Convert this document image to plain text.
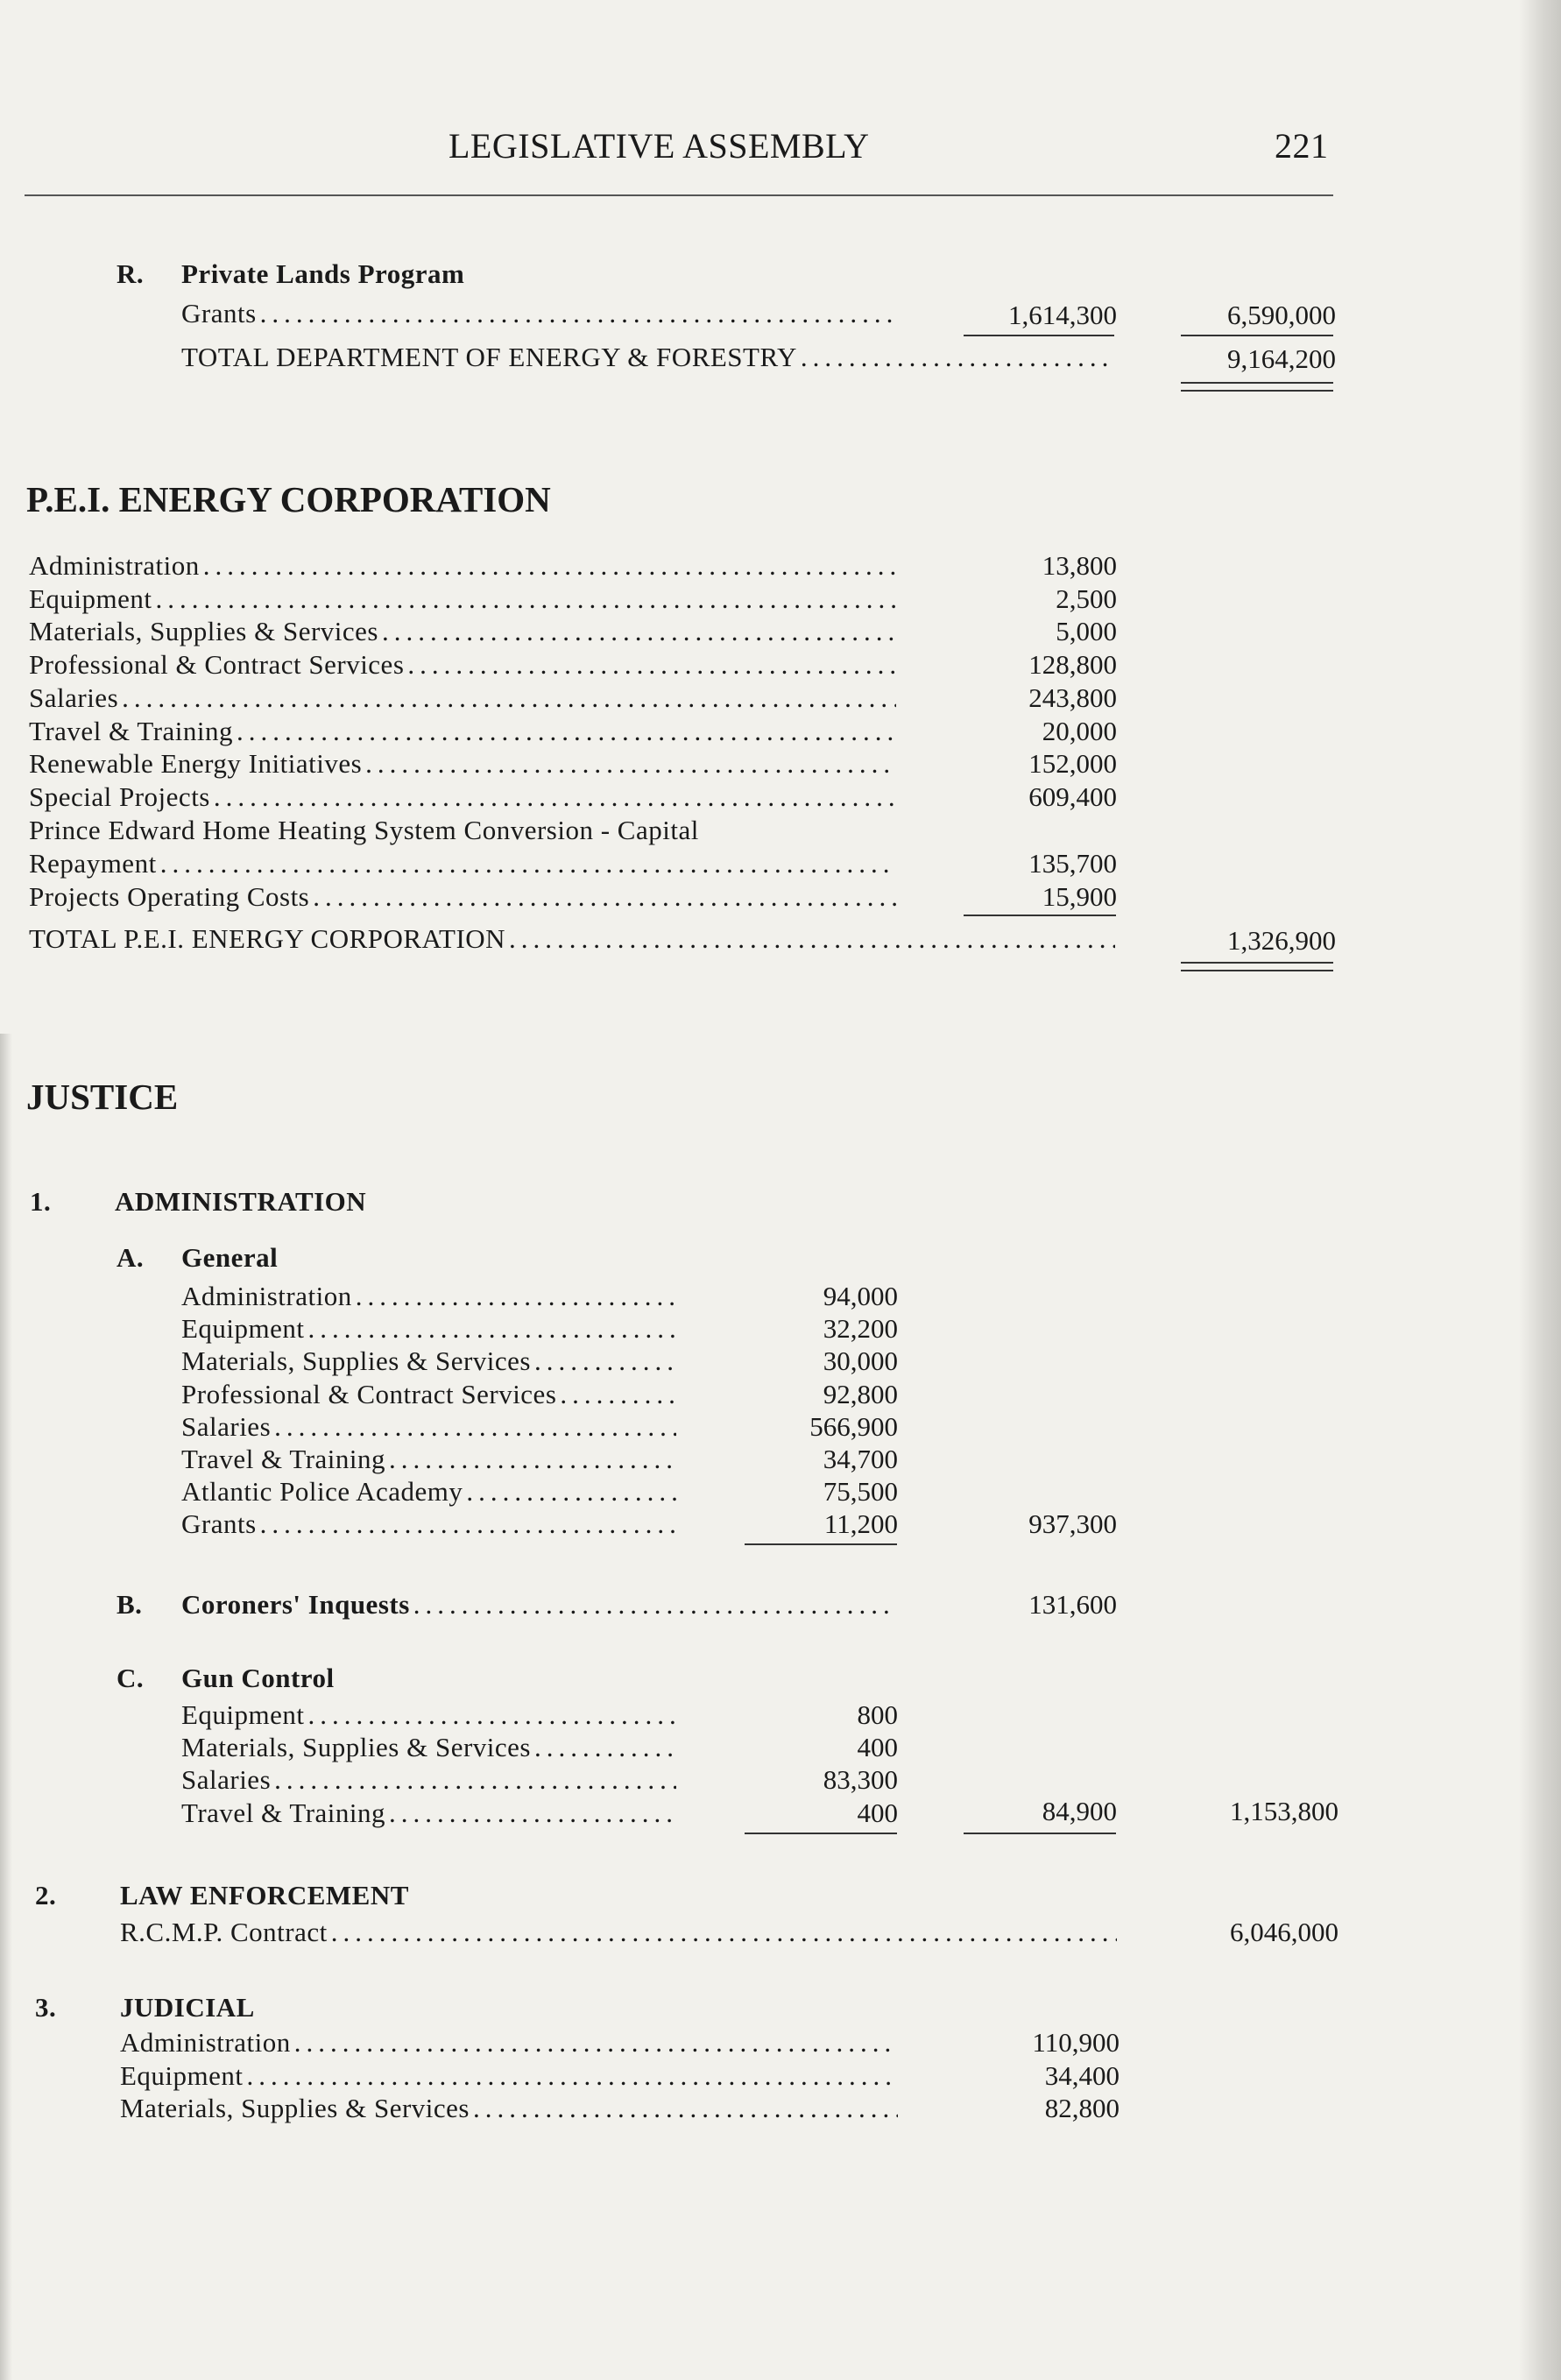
LEGISLATIVE ASSEMBLY	221
R. Private Lands Program
Grants .....	1,614,300	6,590,000
TOTAL DEPARTMENT OF ENERGY & FORESTRY .....	9,164,200
P.E.I. ENERGY CORPORATION
Administration .....	13,800
Equipment .....	2,500
Materials, Supplies & Services .....	5,000
Professional & Contract Services .....	128,800
Salaries .....	243,800
Travel & Training .....	20,000
Renewable Energy Initiatives .....	152,000
Special Projects .....	609,400
Prince Edward Home Heating System Conversion - Capital
Repayment .....	135,700
Projects Operating Costs .....	15,900
TOTAL P.E.I. ENERGY CORPORATION .....	1,326,900
JUSTICE
1. ADMINISTRATION
A. General
Administration .....	94,000
Equipment .....	32,200
Materials, Supplies & Services .....	30,000
Professional & Contract Services .....	92,800
Salaries .....	566,900
Travel & Training .....	34,700
Atlantic Police Academy .....	75,500
Grants .....	11,200	937,300
B. Coroners' Inquests .....	131,600
C. Gun Control
Equipment .....	800
Materials, Supplies & Services .....	400
Salaries .....	83,300
Travel & Training .....	400	84,900	1,153,800
2. LAW ENFORCEMENT
R.C.M.P. Contract .....	6,046,000
3. JUDICIAL
Administration .....	110,900
Equipment .....	34,400
Materials, Supplies & Services .....	82,800
